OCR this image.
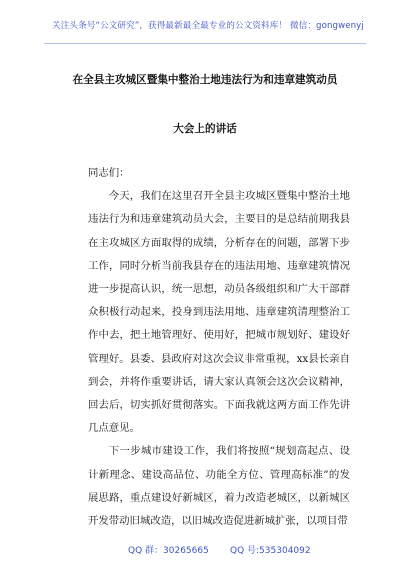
关注头条号“公文研究”，获得最新最全最专业的公文资料库！ 微信：gongwenyj
在全县主攻城区暨集中整治土地违法行为和违章建筑动员
大会上的讲话

同志们：

今天，我们在这里召开全县主攻城区暨集中整治土地违法行为和违章建筑动员大会，主要目的是总结前期我县在主攻城区方面取得的成绩，分析存在的问题，部署下步工作，同时分析当前我县存在的违法用地、违章建筑情况进一步提高认识，统一思想，动员各级组织和广大干部群众积极行动起来，投身到违法用地、违章建筑清理整治工作中去，把土地管理好、使用好，把城市规划好、建设好管理好。县委、县政府对这次会议非常重视，xx县长亲自到会，并将作重要讲话，请大家认真领会这次会议精神，回去后，切实抓好贯彻落实。下面我就这两方面工作先讲几点意见。

下一步城市建设工作，我们将按照“规划高起点、设计新理念、建设高品位、功能全方位、管理高标准”的发展思路，重点建设好新城区，着力改造老城区，以新城区开发带动旧城改造，以旧城改造促进新城扩张，以项目带

QQ 群：30265665 QQ 号:535304092
